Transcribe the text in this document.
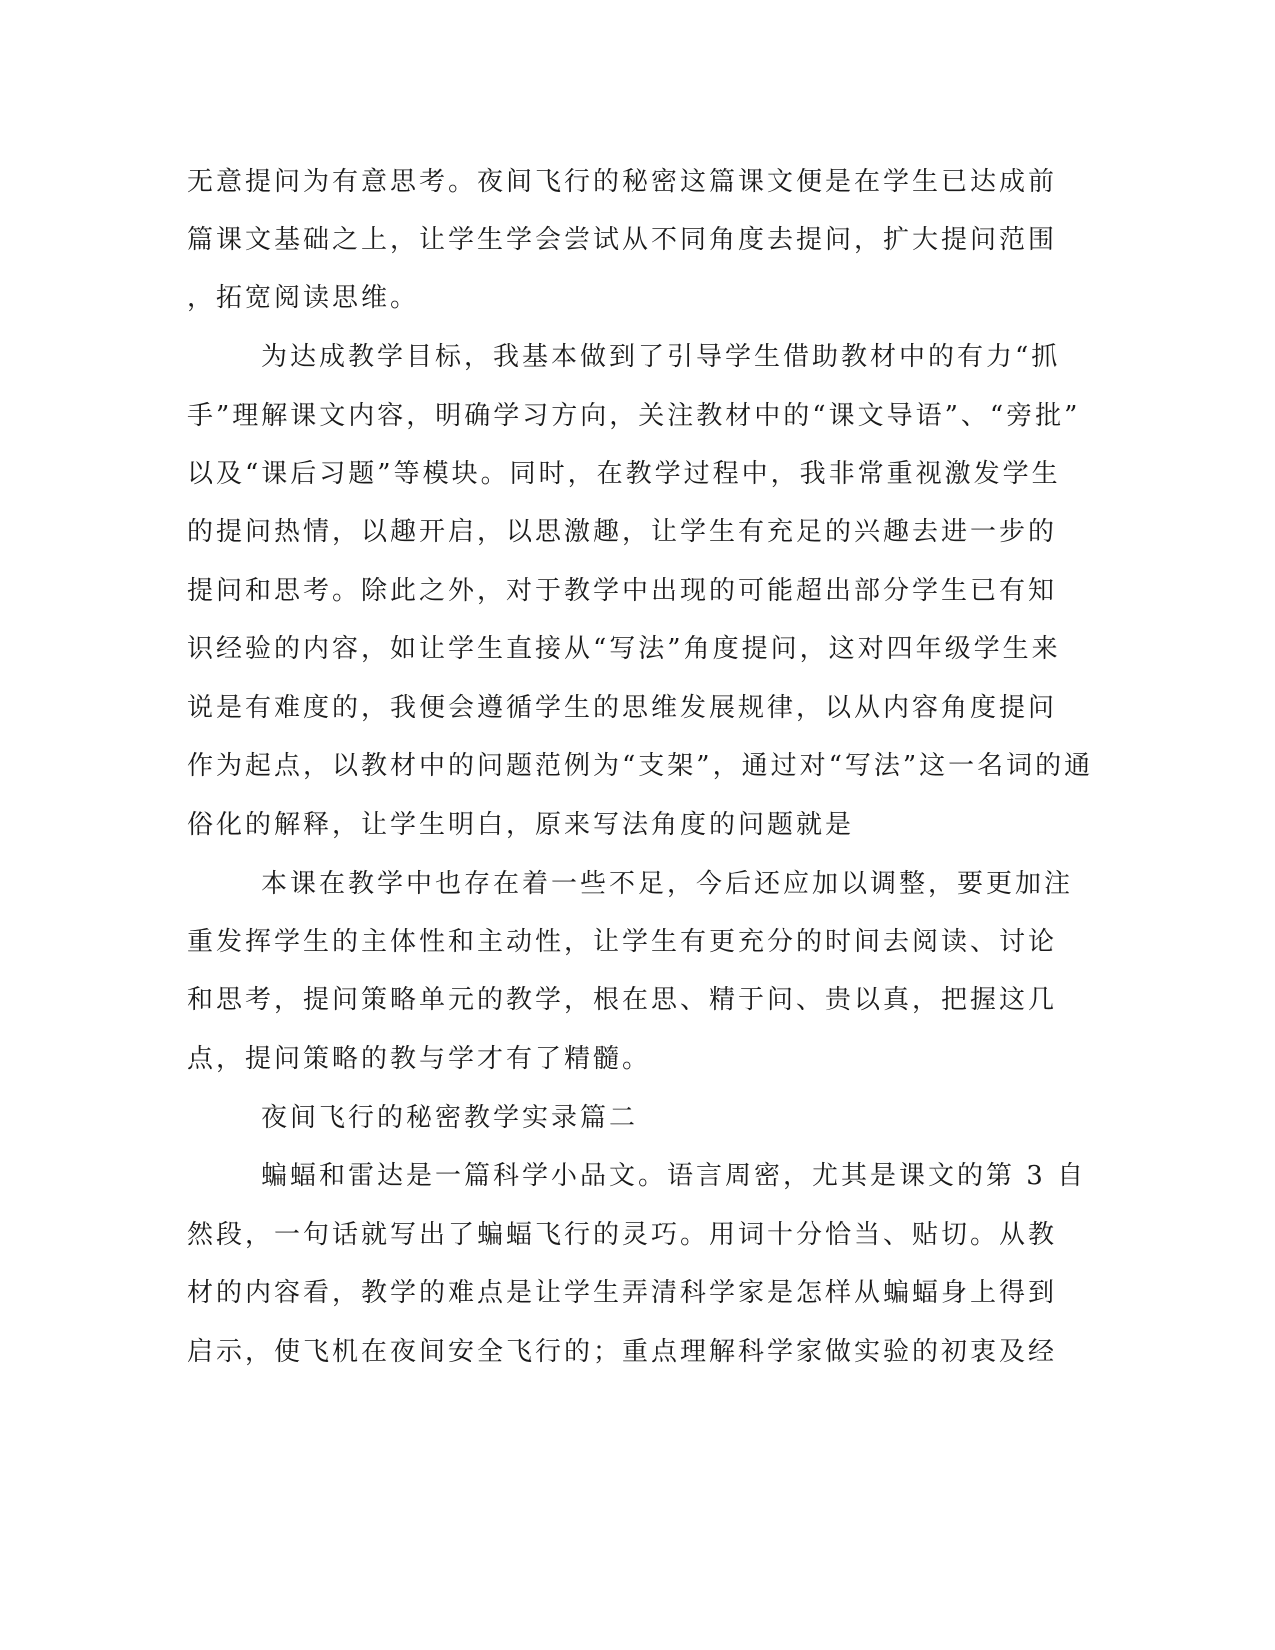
无意提问为有意思考。夜间飞行的秘密这篇课文便是在学生已达成前
篇课文基础之上，让学生学会尝试从不同角度去提问，扩大提问范围
，拓宽阅读思维。
为达成教学目标，我基本做到了引导学生借助教材中的有力“抓
手”理解课文内容，明确学习方向，关注教材中的“课文导语”、“旁批”
以及“课后习题”等模块。同时，在教学过程中，我非常重视激发学生
的提问热情，以趣开启，以思激趣，让学生有充足的兴趣去进一步的
提问和思考。除此之外，对于教学中出现的可能超出部分学生已有知
识经验的内容，如让学生直接从“写法”角度提问，这对四年级学生来
说是有难度的，我便会遵循学生的思维发展规律，以从内容角度提问
作为起点，以教材中的问题范例为“支架”，通过对“写法”这一名词的通
俗化的解释，让学生明白，原来写法角度的问题就是
本课在教学中也存在着一些不足，今后还应加以调整，要更加注
重发挥学生的主体性和主动性，让学生有更充分的时间去阅读、讨论
和思考，提问策略单元的教学，根在思、精于问、贵以真，把握这几
点，提问策略的教与学才有了精髓。
夜间飞行的秘密教学实录篇二
蝙蝠和雷达是一篇科学小品文。语言周密，尤其是课文的第 3 自
然段，一句话就写出了蝙蝠飞行的灵巧。用词十分恰当、贴切。从教
材的内容看，教学的难点是让学生弄清科学家是怎样从蝙蝠身上得到
启示，使飞机在夜间安全飞行的；重点理解科学家做实验的初衷及经
